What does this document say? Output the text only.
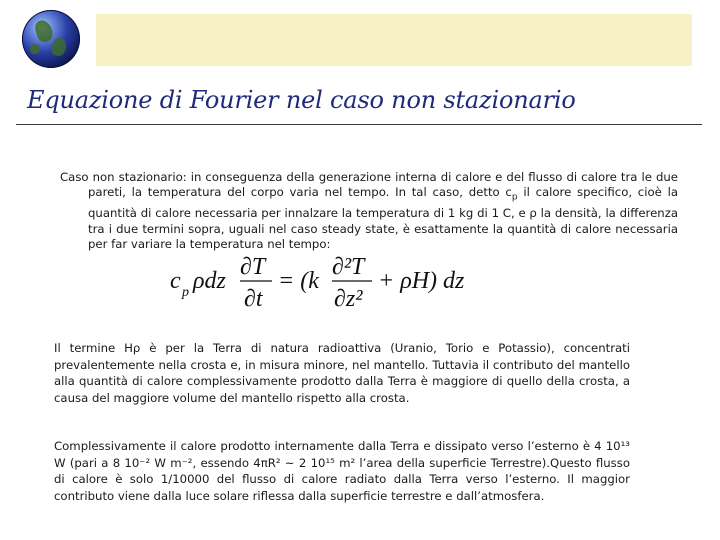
Equazione di Fourier nel caso non stazionario
Caso non stazionario: in conseguenza della generazione interna di calore e del flusso di calore tra le due pareti, la temperatura del corpo varia nel tempo. In tal caso, detto $c_p$ il calore specifico, cioè la quantità di calore necessaria per innalzare la temperatura di 1 kg di 1 C, e ρ la densità, la differenza tra i due termini sopra, uguali nel caso steady state, è esattamente la quantità di calore necessaria per far variare la temperatura nel tempo:
c p ρdz
∂T
∂t
= (k
∂²T
∂z²
+ ρH) dz
Il termine Hρ è per la Terra di natura radioattiva (Uranio, Torio e Potassio), concentrati prevalentemente nella crosta e, in misura minore, nel mantello. Tuttavia il contributo del mantello alla quantità di calore complessivamente prodotto dalla Terra è maggiore di quello della crosta, a causa del maggiore volume del mantello rispetto alla crosta.
Complessivamente il calore prodotto internamente dalla Terra e dissipato verso l’esterno è 4 10¹³ W (pari a 8 10⁻² W m⁻², essendo 4πR² ~ 2 10¹⁵ m² l’area della superficie Terrestre).Questo flusso di calore è solo 1/10000 del flusso di calore radiato dalla Terra verso l’esterno. Il maggior contributo viene dalla luce solare riflessa dalla superficie terrestre e dall’atmosfera.
